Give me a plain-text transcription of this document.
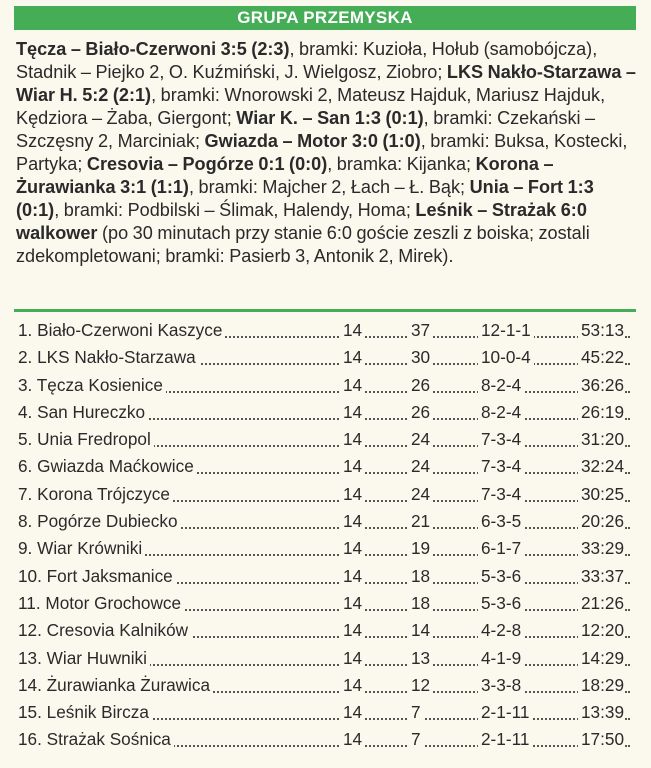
GRUPA PRZEMYSKA
Tęcza – Biało-Czerwoni 3:5 (2:3), bramki: Kuzioła, Hołub (samobójcza), Stadnik – Piejko 2, O. Kuźmiński, J. Wielgosz, Ziobro; LKS Nakło-Starzawa – Wiar H. 5:2 (2:1), bramki: Wnorowski 2, Mateusz Hajduk, Mariusz Hajduk, Kędziora – Żaba, Giergont; Wiar K. – San 1:3 (0:1), bramki: Czekański – Szczęsny 2, Marciniak; Gwiazda – Motor 3:0 (1:0), bramki: Buksa, Kostecki, Partyka; Cresovia – Pogórze 0:1 (0:0), bramka: Kijanka; Korona – Żurawianka 3:1 (1:1), bramki: Majcher 2, Łach – Ł. Bąk; Unia – Fort 1:3 (0:1), bramki: Podbilski – Ślimak, Halendy, Homa; Leśnik – Strażak 6:0 walkower (po 30 minutach przy stanie 6:0 goście zeszli z boiska; zostali zdekompletowani; bramki: Pasierb 3, Antonik 2, Mirek).
1. Biało-Czerwoni Kaszyce	14	37	12-1-1	53:13
2. LKS Nakło-Starzawa	14	30	10-0-4	45:22
3. Tęcza Kosienice	14	26	8-2-4	36:26
4. San Hureczko	14	26	8-2-4	26:19
5. Unia Fredropol	14	24	7-3-4	31:20
6. Gwiazda Maćkowice	14	24	7-3-4	32:24
7. Korona Trójczyce	14	24	7-3-4	30:25
8. Pogórze Dubiecko	14	21	6-3-5	20:26
9. Wiar Krówniki	14	19	6-1-7	33:29
10. Fort Jaksmanice	14	18	5-3-6	33:37
11. Motor Grochowce	14	18	5-3-6	21:26
12. Cresovia Kalników	14	14	4-2-8	12:20
13. Wiar Huwniki	14	13	4-1-9	14:29
14. Żurawianka Żurawica	14	12	3-3-8	18:29
15. Leśnik Bircza	14	7	2-1-11	13:39
16. Strażak Sośnica	14	7	2-1-11	17:50
